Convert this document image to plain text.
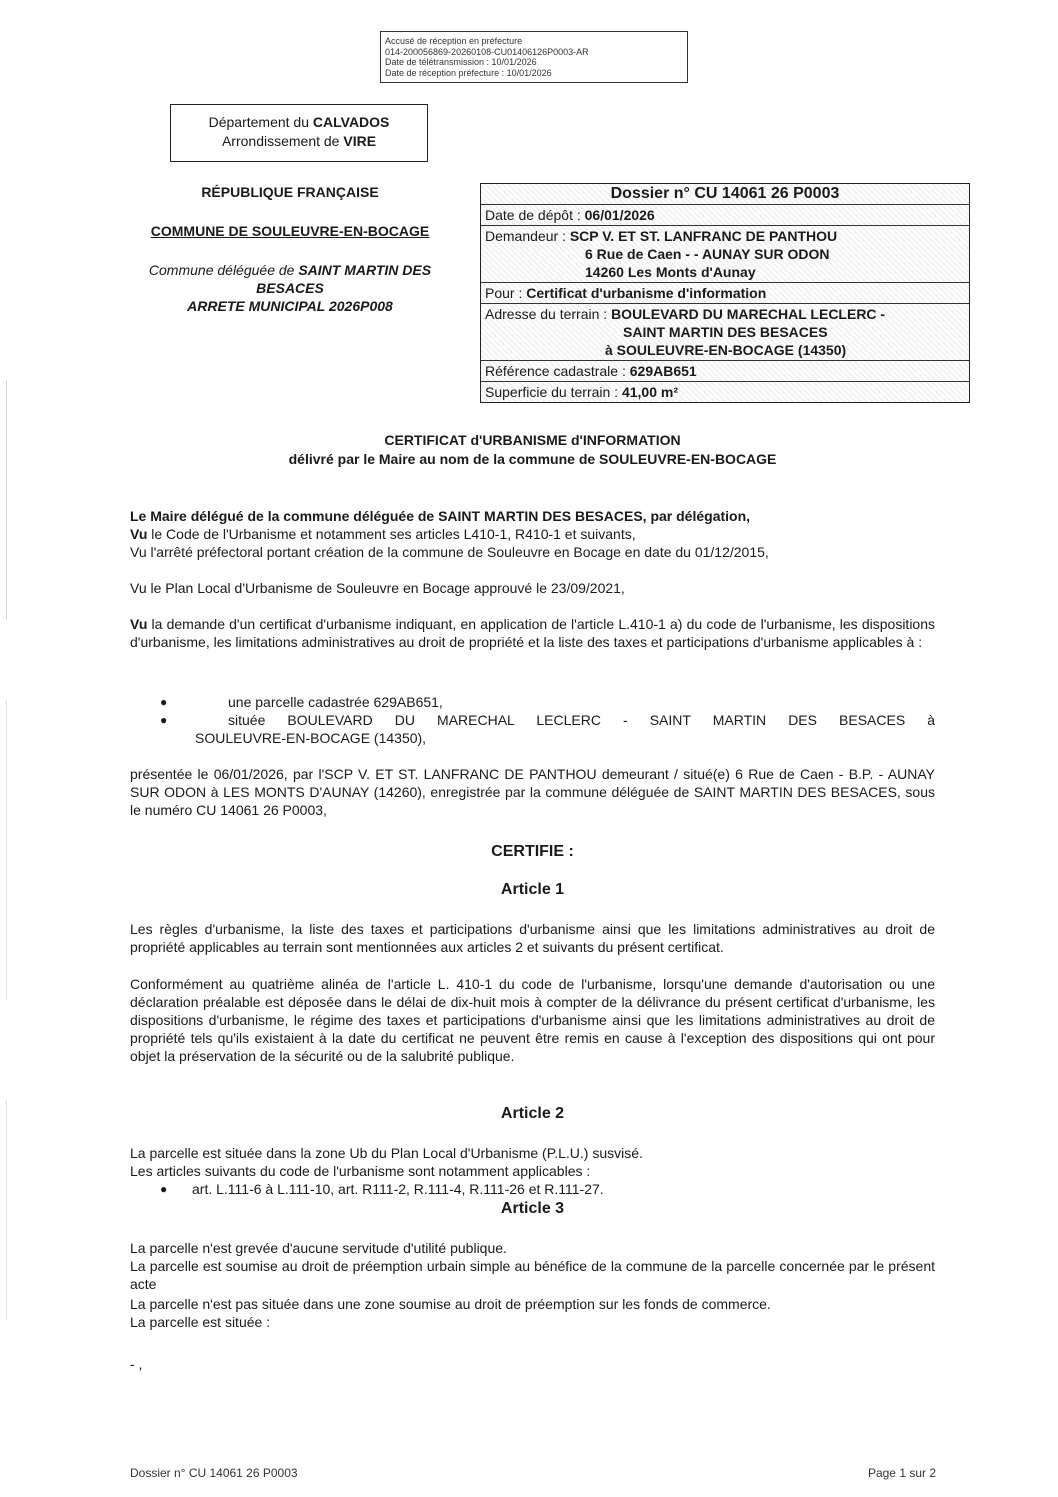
Accusé de réception en préfecture
014-200056869-20260108-CU01406126P0003-AR
Date de télétransmission : 10/01/2026
Date de réception préfecture : 10/01/2026
Département du CALVADOS
Arrondissement de VIRE
RÉPUBLIQUE FRANÇAISE
COMMUNE DE SOULEUVRE-EN-BOCAGE
Commune déléguée de SAINT MARTIN DES
BESACES
ARRETE MUNICIPAL 2026P008
Dossier n° CU 14061 26 P0003
Date de dépôt : 06/01/2026
Demandeur : SCP V. ET ST. LANFRANC DE PANTHOU
6 Rue de Caen - - AUNAY SUR ODON
14260 Les Monts d'Aunay
Pour : Certificat d'urbanisme d'information
Adresse du terrain : BOULEVARD DU MARECHAL LECLERC -
SAINT MARTIN DES BESACES
à SOULEUVRE-EN-BOCAGE (14350)
Référence cadastrale : 629AB651
Superficie du terrain : 41,00 m²
CERTIFICAT d'URBANISME d'INFORMATION
délivré par le Maire au nom de la commune de SOULEUVRE-EN-BOCAGE
Le Maire délégué de la commune déléguée de SAINT MARTIN DES BESACES, par délégation,
Vu le Code de l'Urbanisme et notamment ses articles L410-1, R410-1 et suivants,
Vu l'arrêté préfectoral portant création de la commune de Souleuvre en Bocage en date du 01/12/2015,
Vu le Plan Local d'Urbanisme de Souleuvre en Bocage approuvé le 23/09/2021,
Vu la demande d'un certificat d'urbanisme indiquant, en application de l'article L.410-1 a) du code de l'urbanisme, les dispositions d'urbanisme, les limitations administratives au droit de propriété et la liste des taxes et participations d'urbanisme applicables à :
●	une parcelle cadastrée 629AB651,
●	située BOULEVARD DU MARECHAL LECLERC - SAINT MARTIN DES BESACES à
SOULEUVRE-EN-BOCAGE (14350),
présentée le 06/01/2026, par l'SCP V. ET ST. LANFRANC DE PANTHOU demeurant / situé(e) 6 Rue de Caen - B.P. - AUNAY SUR ODON à LES MONTS D'AUNAY (14260), enregistrée par la commune déléguée de SAINT MARTIN DES BESACES, sous le numéro CU 14061 26 P0003,
CERTIFIE :
Article 1
Les règles d'urbanisme, la liste des taxes et participations d'urbanisme ainsi que les limitations administratives au droit de propriété applicables au terrain sont mentionnées aux articles 2 et suivants du présent certificat.
Conformément au quatrième alinéa de l'article L. 410-1 du code de l'urbanisme, lorsqu'une demande d'autorisation ou une déclaration préalable est déposée dans le délai de dix-huit mois à compter de la délivrance du présent certificat d'urbanisme, les dispositions d'urbanisme, le régime des taxes et participations d'urbanisme ainsi que les limitations administratives au droit de propriété tels qu'ils existaient à la date du certificat ne peuvent être remis en cause à l'exception des dispositions qui ont pour objet la préservation de la sécurité ou de la salubrité publique.
Article 2
La parcelle est située dans la zone Ub du Plan Local d'Urbanisme (P.L.U.) susvisé.
Les articles suivants du code de l'urbanisme sont notamment applicables :
● art. L.111-6 à L.111-10, art. R111-2, R.111-4, R.111-26 et R.111-27.
Article 3
La parcelle n'est grevée d'aucune servitude d'utilité publique.
La parcelle est soumise au droit de préemption urbain simple au bénéfice de la commune de la parcelle concernée par le présent acte
La parcelle n'est pas située dans une zone soumise au droit de préemption sur les fonds de commerce.
La parcelle est située :
- ,
Dossier n° CU 14061 26 P0003	Page 1 sur 2
